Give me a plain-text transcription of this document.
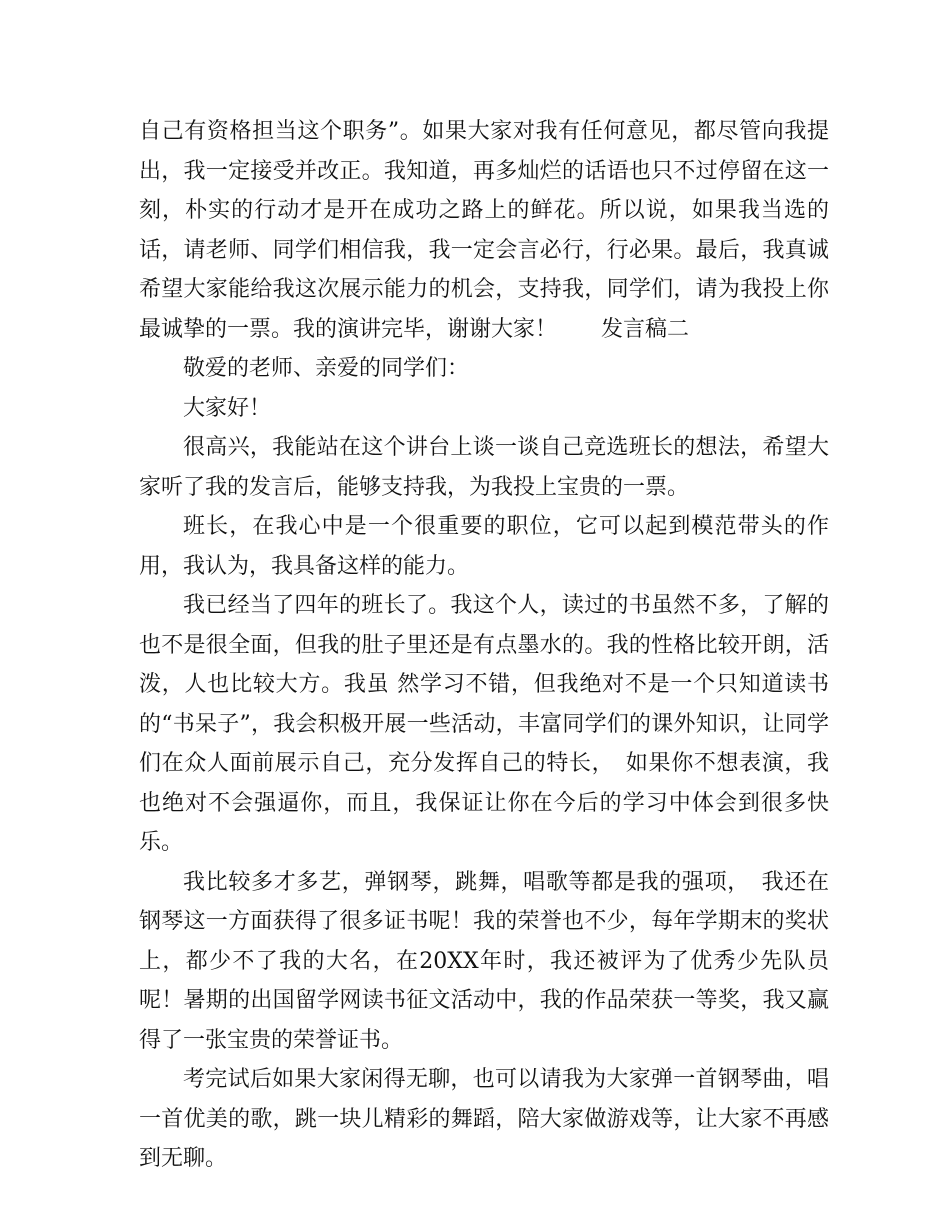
自己有资格担当这个职务”。如果大家对我有任何意见，都尽管向我提出，我一定接受并改正。我知道，再多灿烂的话语也只不过停留在这一刻，朴实的行动才是开在成功之路上的鲜花。所以说，如果我当选的话，请老师、同学们相信我，我一定会言必行，行必果。最后，我真诚希望大家能给我这次展示能力的机会，支持我，同学们，请为我投上你最诚挚的一票。我的演讲完毕，谢谢大家！　　发言稿二

敬爱的老师、亲爱的同学们：

大家好！

很高兴，我能站在这个讲台上谈一谈自己竞选班长的想法，希望大家听了我的发言后，能够支持我，为我投上宝贵的一票。

班长，在我心中是一个很重要的职位，它可以起到模范带头的作用，我认为，我具备这样的能力。

我已经当了四年的班长了。我这个人，读过的书虽然不多，了解的也不是很全面，但我的肚子里还是有点墨水的。我的性格比较开朗，活泼，人也比较大方。我虽 然学习不错，但我绝对不是一个只知道读书的“书呆子”，我会积极开展一些活动，丰富同学们的课外知识，让同学们在众人面前展示自己，充分发挥自己的特长，　如果你不想表演，我也绝对不会强逼你，而且，我保证让你在今后的学习中体会到很多快乐。

我比较多才多艺，弹钢琴，跳舞，唱歌等都是我的强项，　我还在钢琴这一方面获得了很多证书呢！我的荣誉也不少，每年学期末的奖状上，都少不了我的大名，在20XX年时，我还被评为了优秀少先队员呢！暑期的出国留学网读书征文活动中，我的作品荣获一等奖，我又赢得了一张宝贵的荣誉证书。

考完试后如果大家闲得无聊，也可以请我为大家弹一首钢琴曲，唱一首优美的歌，跳一块儿精彩的舞蹈，陪大家做游戏等，让大家不再感到无聊。
